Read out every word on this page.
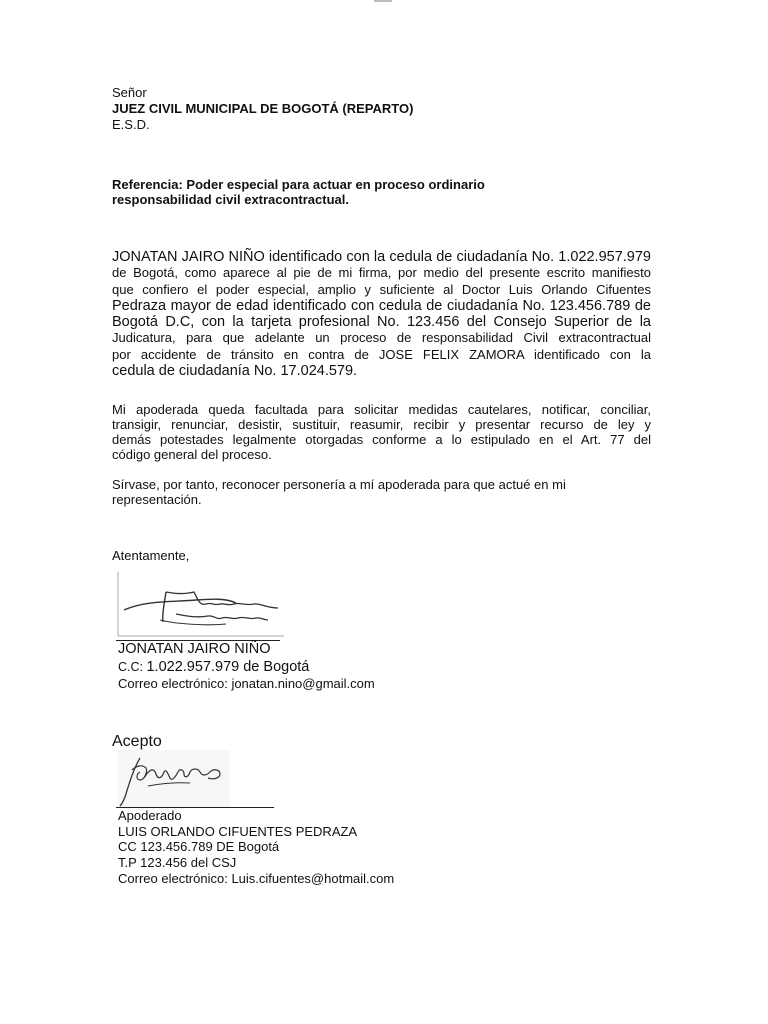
Señor
JUEZ CIVIL MUNICIPAL DE BOGOTÁ (REPARTO)
E.S.D.
Referencia: Poder especial para actuar en proceso ordinario
responsabilidad civil extracontractual.
JONATAN JAIRO NIÑO identificado con la cedula de ciudadanía No. 1.022.957.979
de Bogotá, como aparece al pie de mi firma, por medio del presente escrito manifiesto
que confiero el poder especial, amplio y suficiente al Doctor Luis Orlando Cifuentes
Pedraza mayor de edad identificado con cedula de ciudadanía No. 123.456.789 de
Bogotá D.C, con la tarjeta profesional No. 123.456 del Consejo Superior de la
Judicatura, para que adelante un proceso de responsabilidad Civil extracontractual
por accidente de tránsito en contra de JOSE FELIX ZAMORA identificado con la
cedula de ciudadanía No. 17.024.579.
Mi apoderada queda facultada para solicitar medidas cautelares, notificar, conciliar,
transigir, renunciar, desistir, sustituir, reasumir, recibir y presentar recurso de ley y
demás potestades legalmente otorgadas conforme a lo estipulado en el Art. 77 del
código general del proceso.
Sírvase, por tanto, reconocer personería a mí apoderada para que actué en mi
representación.
Atentamente,
JONATAN JAIRO NIÑO
C.C: 1.022.957.979 de Bogotá
Correo electrónico: jonatan.nino@gmail.com
Acepto
Apoderado
LUIS ORLANDO CIFUENTES PEDRAZA
CC 123.456.789 DE Bogotá
T.P 123.456 del CSJ
Correo electrónico: Luis.cifuentes@hotmail.com
